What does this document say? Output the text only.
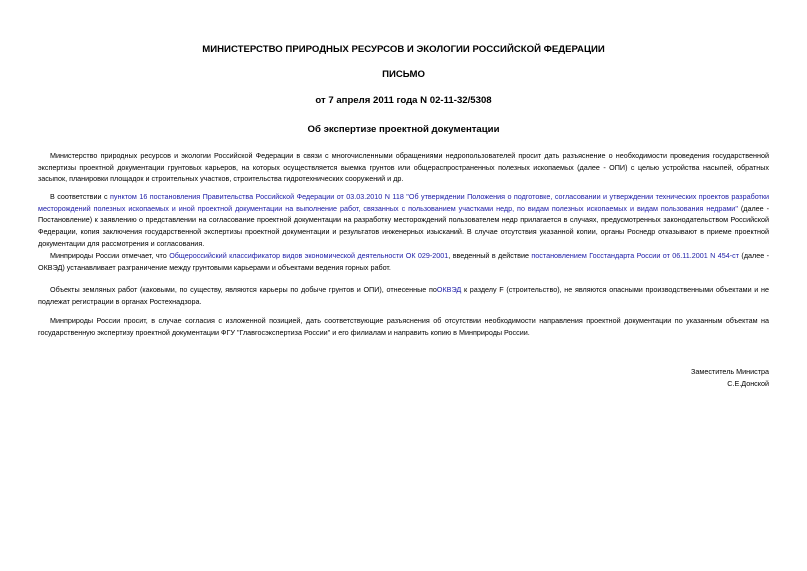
МИНИСТЕРСТВО ПРИРОДНЫХ РЕСУРСОВ И ЭКОЛОГИИ РОССИЙСКОЙ ФЕДЕРАЦИИ

ПИСЬМО

от 7 апреля 2011 года N 02-11-32/5308

Об экспертизе проектной документации

Министерство природных ресурсов и экологии Российской Федерации в связи с многочисленными обращениями недропользователей просит дать разъяснение о необходимости проведения государственной экспертизы проектной документации грунтовых карьеров, на которых осуществляется выемка грунтов или общераспространенных полезных ископаемых (далее - ОПИ) с целью устройства насыпей, обратных засыпок, планировки площадок и строительных участков, строительства гидротехнических сооружений и др.

В соответствии с пунктом 16 постановления Правительства Российской Федерации от 03.03.2010 N 118 "Об утверждении Положения о подготовке, согласовании и утверждении технических проектов разработки месторождений полезных ископаемых и иной проектной документации на выполнение работ, связанных с пользованием участками недр, по видам полезных ископаемых и видам пользования недрами" (далее - Постановление) к заявлению о представлении на согласование проектной документации на разработку месторождений пользователем недр прилагается в случаях, предусмотренных законодательством Российской Федерации, копия заключения государственной экспертизы проектной документации и результатов инженерных изысканий. В случае отсутствия указанной копии, органы Роснедр отказывают в приеме проектной документации для рассмотрения и согласования.

Минприроды России отмечает, что Общероссийский классификатор видов экономической деятельности ОК 029-2001, введенный в действие постановлением Госстандарта России от 06.11.2001 N 454-ст (далее - ОКВЭД) устанавливает разграничение между грунтовыми карьерами и объектами ведения горных работ.

Объекты земляных работ (каковыми, по существу, являются карьеры по добыче грунтов и ОПИ), отнесенные поОКВЭД к разделу F (строительство), не являются опасными производственными объектами и не подлежат регистрации в органах Ростехнадзора.

Минприроды России просит, в случае согласия с изложенной позицией, дать соответствующие разъяснения об отсутствии необходимости направления проектной документации по указанным объектам на государственную экспертизу проектной документации ФГУ "Главгосэкспертиза России" и его филиалам и направить копию в Минприроды России.

Заместитель Министра

С.Е.Донской
